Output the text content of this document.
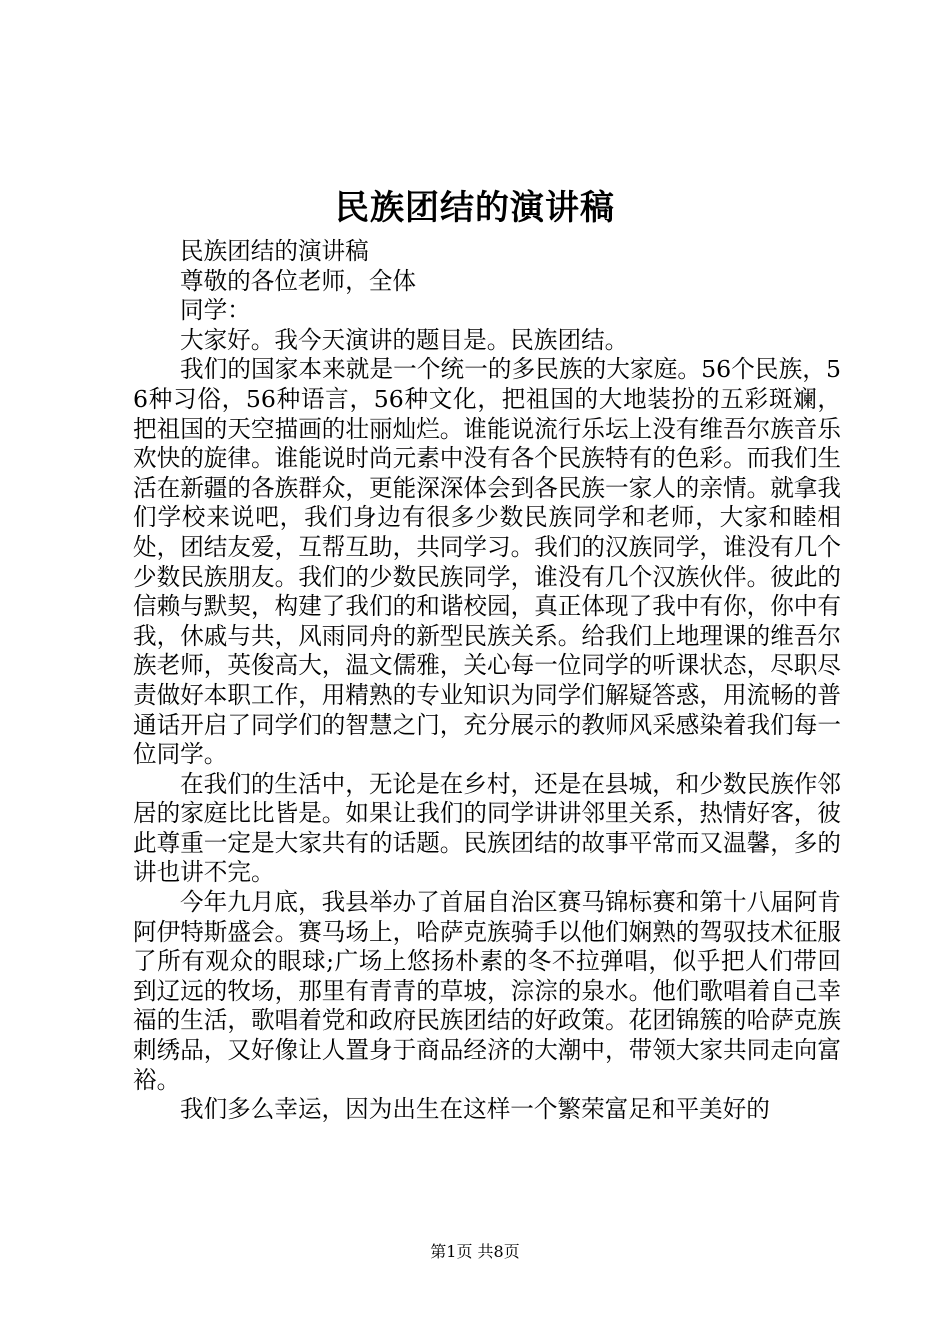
民族团结的演讲稿

民族团结的演讲稿

尊敬的各位老师，全体

同学：

大家好。我今天演讲的题目是。民族团结。

我们的国家本来就是一个统一的多民族的大家庭。56个民族，56种习俗，56种语言，56种文化，把祖国的大地装扮的五彩斑斓，把祖国的天空描画的壮丽灿烂。谁能说流行乐坛上没有维吾尔族音乐欢快的旋律。谁能说时尚元素中没有各个民族特有的色彩。而我们生活在新疆的各族群众，更能深深体会到各民族一家人的亲情。就拿我们学校来说吧，我们身边有很多少数民族同学和老师，大家和睦相处，团结友爱，互帮互助，共同学习。我们的汉族同学，谁没有几个少数民族朋友。我们的少数民族同学，谁没有几个汉族伙伴。彼此的信赖与默契，构建了我们的和谐校园，真正体现了我中有你，你中有我，休戚与共，风雨同舟的新型民族关系。给我们上地理课的维吾尔族老师，英俊高大，温文儒雅，关心每一位同学的听课状态，尽职尽责做好本职工作，用精熟的专业知识为同学们解疑答惑，用流畅的普通话开启了同学们的智慧之门，充分展示的教师风采感染着我们每一位同学。

在我们的生活中，无论是在乡村，还是在县城，和少数民族作邻居的家庭比比皆是。如果让我们的同学讲讲邻里关系，热情好客，彼此尊重一定是大家共有的话题。民族团结的故事平常而又温馨，多的讲也讲不完。

今年九月底，我县举办了首届自治区赛马锦标赛和第十八届阿肯阿伊特斯盛会。赛马场上，哈萨克族骑手以他们娴熟的驾驭技术征服了所有观众的眼球;广场上悠扬朴素的冬不拉弹唱，似乎把人们带回到辽远的牧场，那里有青青的草坡，淙淙的泉水。他们歌唱着自己幸福的生活，歌唱着党和政府民族团结的好政策。花团锦簇的哈萨克族刺绣品，又好像让人置身于商品经济的大潮中，带领大家共同走向富裕。

我们多么幸运，因为出生在这样一个繁荣富足和平美好的

第1页 共8页
